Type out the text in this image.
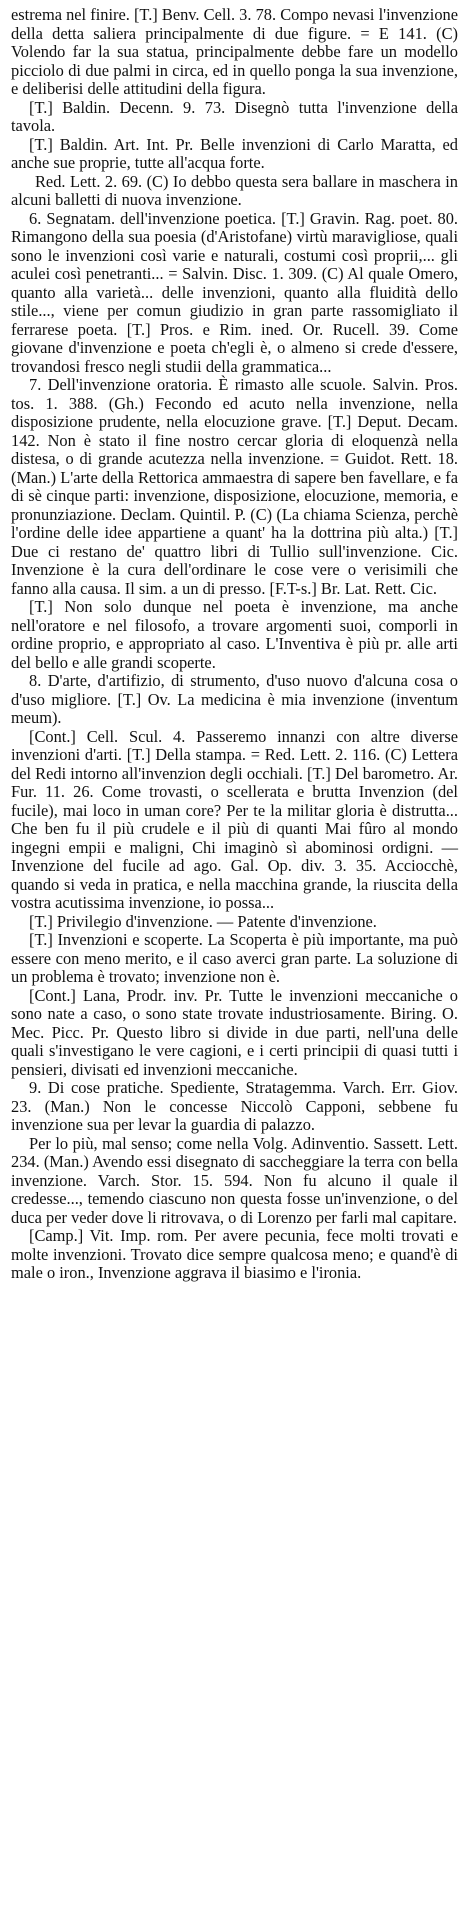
estrema nel finire. [T.] Benv. Cell. 3. 78. Compo nevasi l'invenzione della detta saliera principalmente di due figure. = E 141. (C) Volendo far la sua statua, principalmente debbe fare un modello picciolo di due palmi in circa, ed in quello ponga la sua invenzione, e deliberisi delle attitudini della figura.

[T.] Baldin. Decenn. 9. 73. Disegnò tutta l'invenzione della tavola.

[T.] Baldin. Art. Int. Pr. Belle invenzioni di Carlo Maratta, ed anche sue proprie, tutte all'acqua forte.

Red. Lett. 2. 69. (C) Io debbo questa sera ballare in maschera in alcuni balletti di nuova invenzione.

6. Segnatam. dell'invenzione poetica. [T.] Gravin. Rag. poet. 80. Rimangono della sua poesia (d'Aristofane) virtù maravigliose, quali sono le invenzioni così varie e naturali, costumi così proprii,... gli aculei così penetranti... = Salvin. Disc. 1. 309. (C) Al quale Omero, quanto alla varietà... delle invenzioni, quanto alla fluidità dello stile..., viene per comun giudizio in gran parte rassomigliato il ferrarese poeta. [T.] Pros. e Rim. ined. Or. Rucell. 39. Come giovane d'invenzione e poeta ch'egli è, o almeno si crede d'essere, trovandosi fresco negli studii della grammatica...

7. Dell'invenzione oratoria. È rimasto alle scuole. Salvin. Pros. tos. 1. 388. (Gh.) Fecondo ed acuto nella invenzione, nella disposizione prudente, nella elocuzione grave. [T.] Deput. Decam. 142. Non è stato il fine nostro cercar gloria di eloquenzà nella distesa, o di grande acutezza nella invenzione. = Guidot. Rett. 18. (Man.) L'arte della Rettorica ammaestra di sapere ben favellare, e fa di sè cinque parti: invenzione, disposizione, elocuzione, memoria, e pronunziazione. Declam. Quintil. P. (C) (La chiama Scienza, perchè l'ordine delle idee appartiene a quant' ha la dottrina più alta.) [T.] Due ci restano de' quattro libri di Tullio sull'invenzione. Cic. Invenzione è la cura dell'ordinare le cose vere o verisimili che fanno alla causa. Il sim. a un di presso. [F.T-s.] Br. Lat. Rett. Cic.

[T.] Non solo dunque nel poeta è invenzione, ma anche nell'oratore e nel filosofo, a trovare argomenti suoi, comporli in ordine proprio, e appropriato al caso. L'Inventiva è più pr. alle arti del bello e alle grandi scoperte.

8. D'arte, d'artifizio, di strumento, d'uso nuovo d'alcuna cosa o d'uso migliore. [T.] Ov. La medicina è mia invenzione (inventum meum).

[Cont.] Cell. Scul. 4. Passeremo innanzi con altre diverse invenzioni d'arti. [T.] Della stampa. = Red. Lett. 2. 116. (C) Lettera del Redi intorno all'invenzion degli occhiali. [T.] Del barometro. Ar. Fur. 11. 26. Come trovasti, o scellerata e brutta Invenzion (del fucile), mai loco in uman core? Per te la militar gloria è distrutta... Che ben fu il più crudele e il più di quanti Mai fûro al mondo ingegni empii e maligni, Chi imaginò sì abominosi ordigni. — Invenzione del fucile ad ago. Gal. Op. div. 3. 35. Acciocchè, quando si veda in pratica, e nella macchina grande, la riuscita della vostra acutissima invenzione, io possa...

[T.] Privilegio d'invenzione. — Patente d'invenzione.

[T.] Invenzioni e scoperte. La Scoperta è più importante, ma può essere con meno merito, e il caso averci gran parte. La soluzione di un problema è trovato; invenzione non è.

[Cont.] Lana, Prodr. inv. Pr. Tutte le invenzioni meccaniche o sono nate a caso, o sono state trovate industriosamente. Biring. O. Mec. Picc. Pr. Questo libro si divide in due parti, nell'una delle quali s'investigano le vere cagioni, e i certi principii di quasi tutti i pensieri, divisati ed invenzioni meccaniche.

9. Di cose pratiche. Spediente, Stratagemma. Varch. Err. Giov. 23. (Man.) Non le concesse Niccolò Capponi, sebbene fu invenzione sua per levar la guardia di palazzo.

Per lo più, mal senso; come nella Volg. Adinventio. Sassett. Lett. 234. (Man.) Avendo essi disegnato di saccheggiare la terra con bella invenzione. Varch. Stor. 15. 594. Non fu alcuno il quale il credesse..., temendo ciascuno non questa fosse un'invenzione, o del duca per veder dove li ritrovava, o di Lorenzo per farli mal capitare.

[Camp.] Vit. Imp. rom. Per avere pecunia, fece molti trovati e molte invenzioni. Trovato dice sempre qualcosa meno; e quand'è di male o iron., Invenzione aggrava il biasimo e l'ironia.
